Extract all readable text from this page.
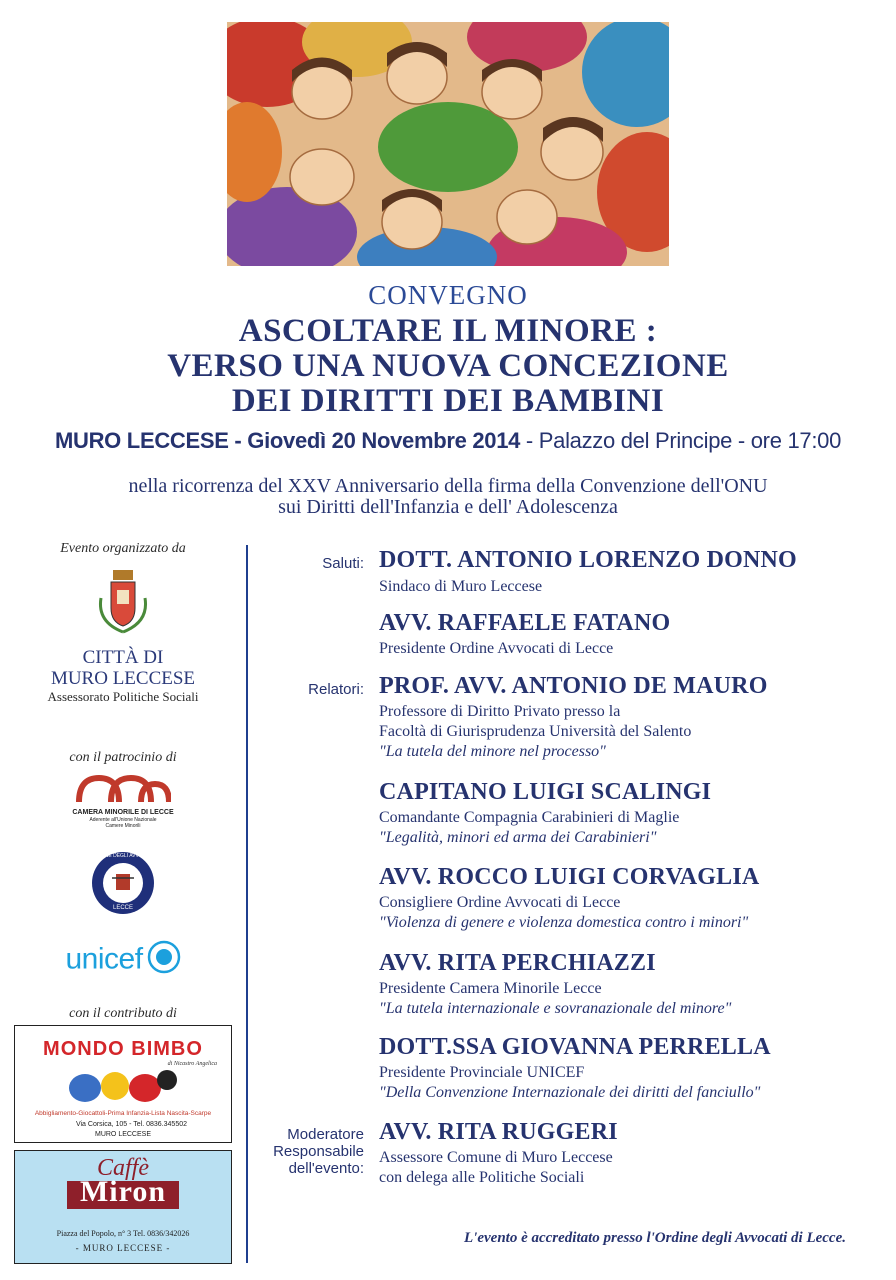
CONVEGNO
ASCOLTARE IL MINORE :
VERSO UNA NUOVA CONCEZIONE
DEI DIRITTI DEI BAMBINI
MURO LECCESE - Giovedì 20 Novembre 2014 - Palazzo del Principe - ore 17:00
nella ricorrenza del XXV Anniversario della firma della Convenzione dell'ONU
sui Diritti dell'Infanzia e dell' Adolescenza
Evento organizzato da
CITTÀ DI
MURO LECCESE
Assessorato Politiche Sociali
con il patrocinio di
CAMERA MINORILE DI LECCE
Aderente all'Unione Nazionale
Camere Minorili
ORDINE DEGLI AVVOCATI
LECCE
unicef
con il contributo di
MONDO BIMBO
di Nicastro Angelica
Abbigliamento-Giocattoli-Prima Infanzia-Lista Nascita-Scarpe
Via Corsica, 105 - Tel. 0836.345502
MURO LECCESE
Caffè
Miron
Piazza del Popolo, n° 3 Tel. 0836/342026
- MURO LECCESE -
Saluti:
Relatori:
Moderatore
Responsabile
dell'evento:
DOTT. ANTONIO LORENZO DONNO
Sindaco di Muro Leccese
AVV. RAFFAELE FATANO
Presidente Ordine Avvocati di Lecce
PROF. AVV. ANTONIO DE MAURO
Professore di Diritto Privato presso la
Facoltà di Giurisprudenza Università del Salento
"La tutela del minore nel processo"
CAPITANO LUIGI SCALINGI
Comandante Compagnia Carabinieri di Maglie
"Legalità, minori ed arma dei Carabinieri"
AVV. ROCCO LUIGI CORVAGLIA
Consigliere Ordine Avvocati di Lecce
"Violenza di genere e violenza domestica contro i minori"
AVV. RITA PERCHIAZZI
Presidente Camera Minorile Lecce
"La tutela internazionale e sovranazionale del minore"
DOTT.SSA GIOVANNA PERRELLA
Presidente Provinciale UNICEF
"Della Convenzione Internazionale dei diritti del fanciullo"
AVV. RITA RUGGERI
Assessore Comune di Muro Leccese
con delega alle Politiche Sociali
L'evento è accreditato presso l'Ordine degli Avvocati di Lecce.
